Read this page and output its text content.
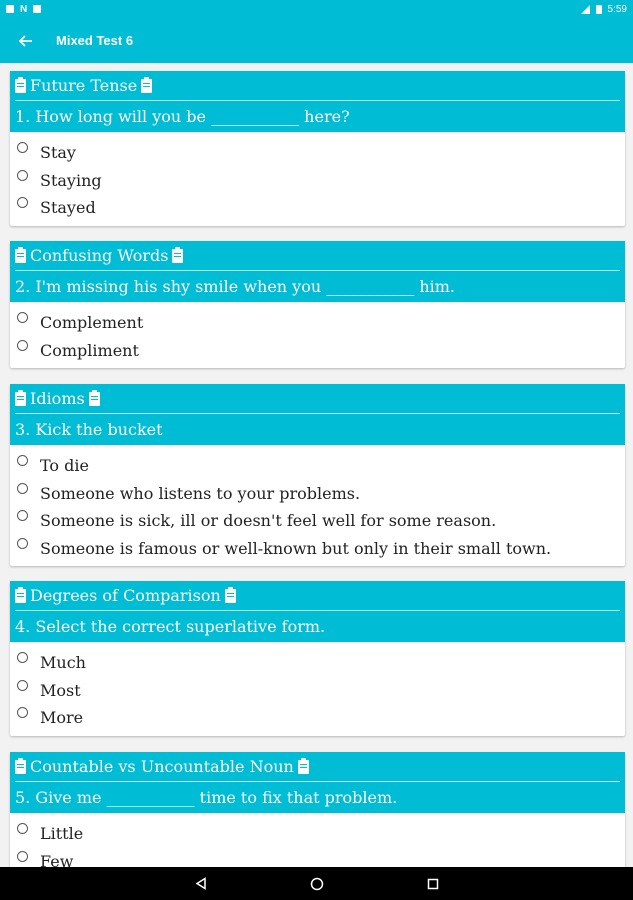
N	5:59
Mixed Test 6
Future Tense
1. How long will you be ___________ here?
Stay
Staying
Stayed
Confusing Words
2. I'm missing his shy smile when you ___________ him.
Complement
Compliment
Idioms
3. Kick the bucket
To die
Someone who listens to your problems.
Someone is sick, ill or doesn't feel well for some reason.
Someone is famous or well-known but only in their small town.
Degrees of Comparison
4. Select the correct superlative form.
Much
Most
More
Countable vs Uncountable Noun
5. Give me ___________ time to fix that problem.
Little
Few
